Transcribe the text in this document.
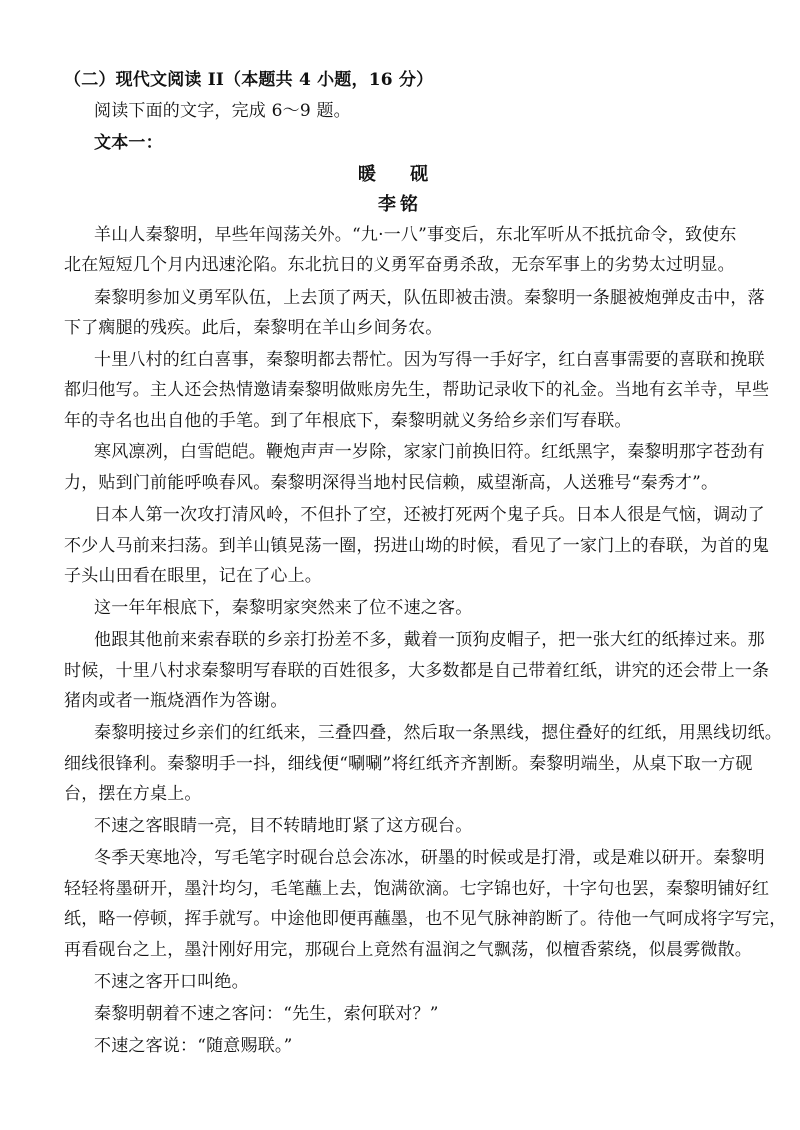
（二）现代文阅读 II（本题共 4 小题，16 分）
阅读下面的文字，完成 6～9 题。
文本一：
暖 砚
李铭
羊山人秦黎明，早些年闯荡关外。“九·一八”事变后，东北军听从不抵抗命令，致使东
北在短短几个月内迅速沦陷。东北抗日的义勇军奋勇杀敌，无奈军事上的劣势太过明显。
秦黎明参加义勇军队伍，上去顶了两天，队伍即被击溃。秦黎明一条腿被炮弹皮击中，落
下了瘸腿的残疾。此后，秦黎明在羊山乡间务农。
十里八村的红白喜事，秦黎明都去帮忙。因为写得一手好字，红白喜事需要的喜联和挽联
都归他写。主人还会热情邀请秦黎明做账房先生，帮助记录收下的礼金。当地有玄羊寺，早些
年的寺名也出自他的手笔。到了年根底下，秦黎明就义务给乡亲们写春联。
寒风凛冽，白雪皑皑。鞭炮声声一岁除，家家门前换旧符。红纸黑字，秦黎明那字苍劲有
力，贴到门前能呼唤春风。秦黎明深得当地村民信赖，威望渐高，人送雅号“秦秀才”。
日本人第一次攻打清风岭，不但扑了空，还被打死两个鬼子兵。日本人很是气恼，调动了
不少人马前来扫荡。到羊山镇晃荡一圈，拐进山坳的时候，看见了一家门上的春联，为首的鬼
子头山田看在眼里，记在了心上。
这一年年根底下，秦黎明家突然来了位不速之客。
他跟其他前来索春联的乡亲打扮差不多，戴着一顶狗皮帽子，把一张大红的纸捧过来。那
时候，十里八村求秦黎明写春联的百姓很多，大多数都是自己带着红纸，讲究的还会带上一条
猪肉或者一瓶烧酒作为答谢。
秦黎明接过乡亲们的红纸来，三叠四叠，然后取一条黑线，摁住叠好的红纸，用黑线切纸。
细线很锋利。秦黎明手一抖，细线便“唰唰”将红纸齐齐割断。秦黎明端坐，从桌下取一方砚
台，摆在方桌上。
不速之客眼睛一亮，目不转睛地盯紧了这方砚台。
冬季天寒地冷，写毛笔字时砚台总会冻冰，研墨的时候或是打滑，或是难以研开。秦黎明
轻轻将墨研开，墨汁均匀，毛笔蘸上去，饱满欲滴。七字锦也好，十字句也罢，秦黎明铺好红
纸，略一停顿，挥手就写。中途他即便再蘸墨，也不见气脉神韵断了。待他一气呵成将字写完，
再看砚台之上，墨汁刚好用完，那砚台上竟然有温润之气飘荡，似檀香萦绕，似晨雾微散。
不速之客开口叫绝。
秦黎明朝着不速之客问：“先生，索何联对？”
不速之客说：“随意赐联。”
